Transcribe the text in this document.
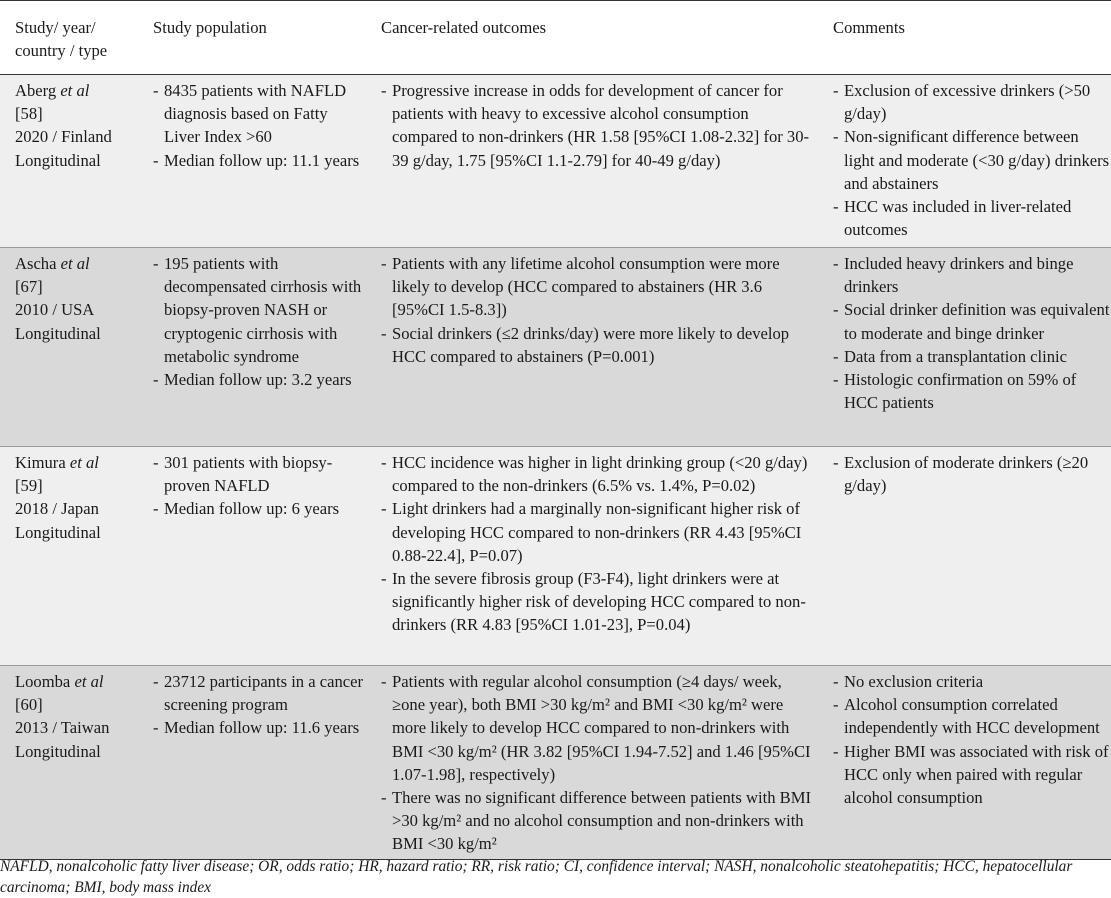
Study/ year/ country / type
Study population	Cancer-related outcomes	Comments
Aberg et al
[58]
2020 / Finland
Longitudinal
- 8435 patients with NAFLD diagnosis based on Fatty Liver Index >60
- Median follow up: 11.1 years
- Progressive increase in odds for development of cancer for patients with heavy to excessive alcohol consumption compared to non-drinkers (HR 1.58 [95%CI 1.08-2.32] for 30-39 g/day, 1.75 [95%CI 1.1-2.79] for 40-49 g/day)
- Exclusion of excessive drinkers (>50 g/day)
- Non-significant difference between light and moderate (<30 g/day) drinkers and abstainers
- HCC was included in liver-related outcomes
Ascha et al
[67]
2010 / USA
Longitudinal
- 195 patients with decompensated cirrhosis with biopsy-proven NASH or cryptogenic cirrhosis with metabolic syndrome
- Median follow up: 3.2 years
- Patients with any lifetime alcohol consumption were more likely to develop (HCC compared to abstainers (HR 3.6 [95%CI 1.5-8.3])
- Social drinkers (≤2 drinks/day) were more likely to develop HCC compared to abstainers (P=0.001)
- Included heavy drinkers and binge drinkers
- Social drinker definition was equivalent to moderate and binge drinker
- Data from a transplantation clinic
- Histologic confirmation on 59% of HCC patients
Kimura et al
[59]
2018 / Japan
Longitudinal
- 301 patients with biopsy-proven NAFLD
- Median follow up: 6 years
- HCC incidence was higher in light drinking group (<20 g/day) compared to the non-drinkers (6.5% vs. 1.4%, P=0.02)
- Light drinkers had a marginally non-significant higher risk of developing HCC compared to non-drinkers (RR 4.43 [95%CI 0.88-22.4], P=0.07)
- In the severe fibrosis group (F3-F4), light drinkers were at significantly higher risk of developing HCC compared to non-drinkers (RR 4.83 [95%CI 1.01-23], P=0.04)
- Exclusion of moderate drinkers (≥20 g/day)
Loomba et al
[60]
2013 / Taiwan
Longitudinal
- 23712 participants in a cancer screening program
- Median follow up: 11.6 years
- Patients with regular alcohol consumption (≥4 days/ week, ≥one year), both BMI >30 kg/m² and BMI <30 kg/m² were more likely to develop HCC compared to non-drinkers with BMI <30 kg/m² (HR 3.82 [95%CI 1.94-7.52] and 1.46 [95%CI 1.07-1.98], respectively)
- There was no significant difference between patients with BMI >30 kg/m² and no alcohol consumption and non-drinkers with BMI <30 kg/m²
- No exclusion criteria
- Alcohol consumption correlated independently with HCC development
- Higher BMI was associated with risk of HCC only when paired with regular alcohol consumption
NAFLD, nonalcoholic fatty liver disease; OR, odds ratio; HR, hazard ratio; RR, risk ratio; CI, confidence interval; NASH, nonalcoholic steatohepatitis; HCC, hepatocellular carcinoma; BMI, body mass index
